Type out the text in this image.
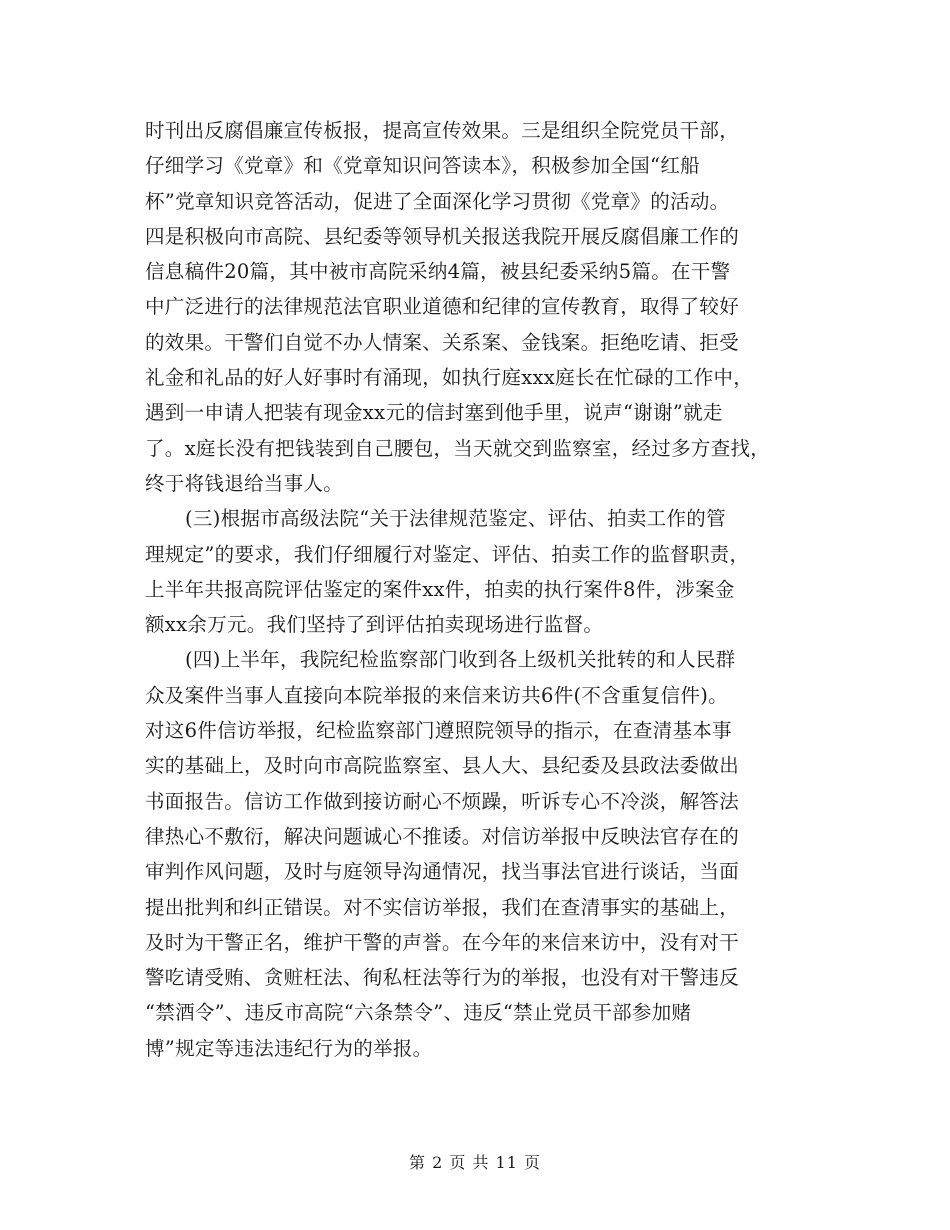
时刊出反腐倡廉宣传板报，提高宣传效果。三是组织全院党员干部，
仔细学习《党章》和《党章知识问答读本》，积极参加全国“红船
杯”党章知识竞答活动，促进了全面深化学习贯彻《党章》的活动。
四是积极向市高院、县纪委等领导机关报送我院开展反腐倡廉工作的
信息稿件20篇，其中被市高院采纳4篇，被县纪委采纳5篇。在干警
中广泛进行的法律规范法官职业道德和纪律的宣传教育，取得了较好
的效果。干警们自觉不办人情案、关系案、金钱案。拒绝吃请、拒受
礼金和礼品的好人好事时有涌现，如执行庭xxx庭长在忙碌的工作中，
遇到一申请人把装有现金xx元的信封塞到他手里，说声“谢谢”就走
了。x庭长没有把钱装到自己腰包，当天就交到监察室，经过多方查找，
终于将钱退给当事人。
(三)根据市高级法院“关于法律规范鉴定、评估、拍卖工作的管
理规定”的要求，我们仔细履行对鉴定、评估、拍卖工作的监督职责，
上半年共报高院评估鉴定的案件xx件，拍卖的执行案件8件，涉案金
额xx余万元。我们坚持了到评估拍卖现场进行监督。
(四)上半年，我院纪检监察部门收到各上级机关批转的和人民群
众及案件当事人直接向本院举报的来信来访共6件(不含重复信件)。
对这6件信访举报，纪检监察部门遵照院领导的指示，在查清基本事
实的基础上，及时向市高院监察室、县人大、县纪委及县政法委做出
书面报告。信访工作做到接访耐心不烦躁，听诉专心不冷淡，解答法
律热心不敷衍，解决问题诚心不推诿。对信访举报中反映法官存在的
审判作风问题，及时与庭领导沟通情况，找当事法官进行谈话，当面
提出批判和纠正错误。对不实信访举报，我们在查清事实的基础上，
及时为干警正名，维护干警的声誉。在今年的来信来访中，没有对干
警吃请受贿、贪赃枉法、徇私枉法等行为的举报，也没有对干警违反
“禁酒令”、违反市高院“六条禁令”、违反“禁止党员干部参加赌
博”规定等违法违纪行为的举报。
第 2 页 共 11 页
